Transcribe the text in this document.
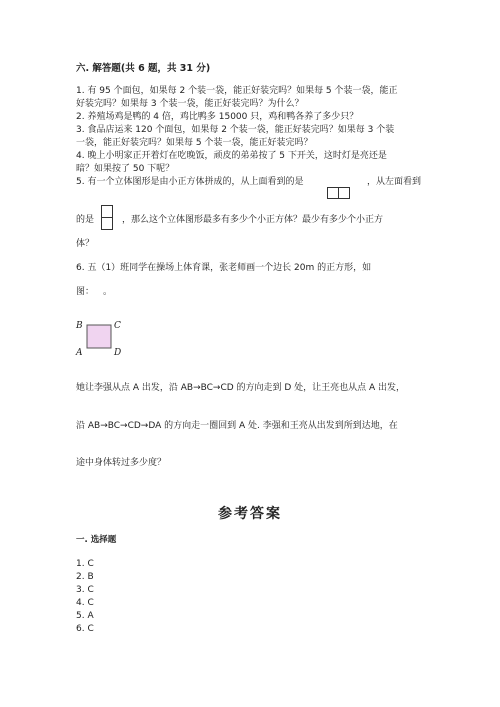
六. 解答题(共 6 题，共 31 分)
1. 有 95 个面包，如果每 2 个装一袋，能正好装完吗？如果每 5 个装一袋，能正
好装完吗？如果每 3 个装一袋，能正好装完吗？为什么？
2. 养殖场鸡是鸭的 4 倍，鸡比鸭多 15000 只，鸡和鸭各养了多少只？
3. 食品店运来 120 个面包，如果每 2 个装一袋，能正好装完吗？如果每 3 个装
一袋，能正好装完吗？如果每 5 个装一袋，能正好装完吗？
4. 晚上小明家正开着灯在吃晚饭，顽皮的弟弟按了 5 下开关，这时灯是亮还是
暗？如果按了 50 下呢？
5. 有一个立体图形是由小正方体拼成的，从上面看到的是	，从左面看到
的是	，那么这个立体图形最多有多少个小正方体？最少有多少个小正方
体？
6. 五（1）班同学在操场上体育课，张老师画一个边长 20m 的正方形，如
图： 。
B	C
A	D
她让李强从点 A 出发，沿 AB→BC→CD 的方向走到 D 处，让王亮也从点 A 出发，
沿 AB→BC→CD→DA 的方向走一圈回到 A 处. 李强和王亮从出发到所到达地，在
途中身体转过多少度？
参考答案
一. 选择题
1. C
2. B
3. C
4. C
5. A
6. C
